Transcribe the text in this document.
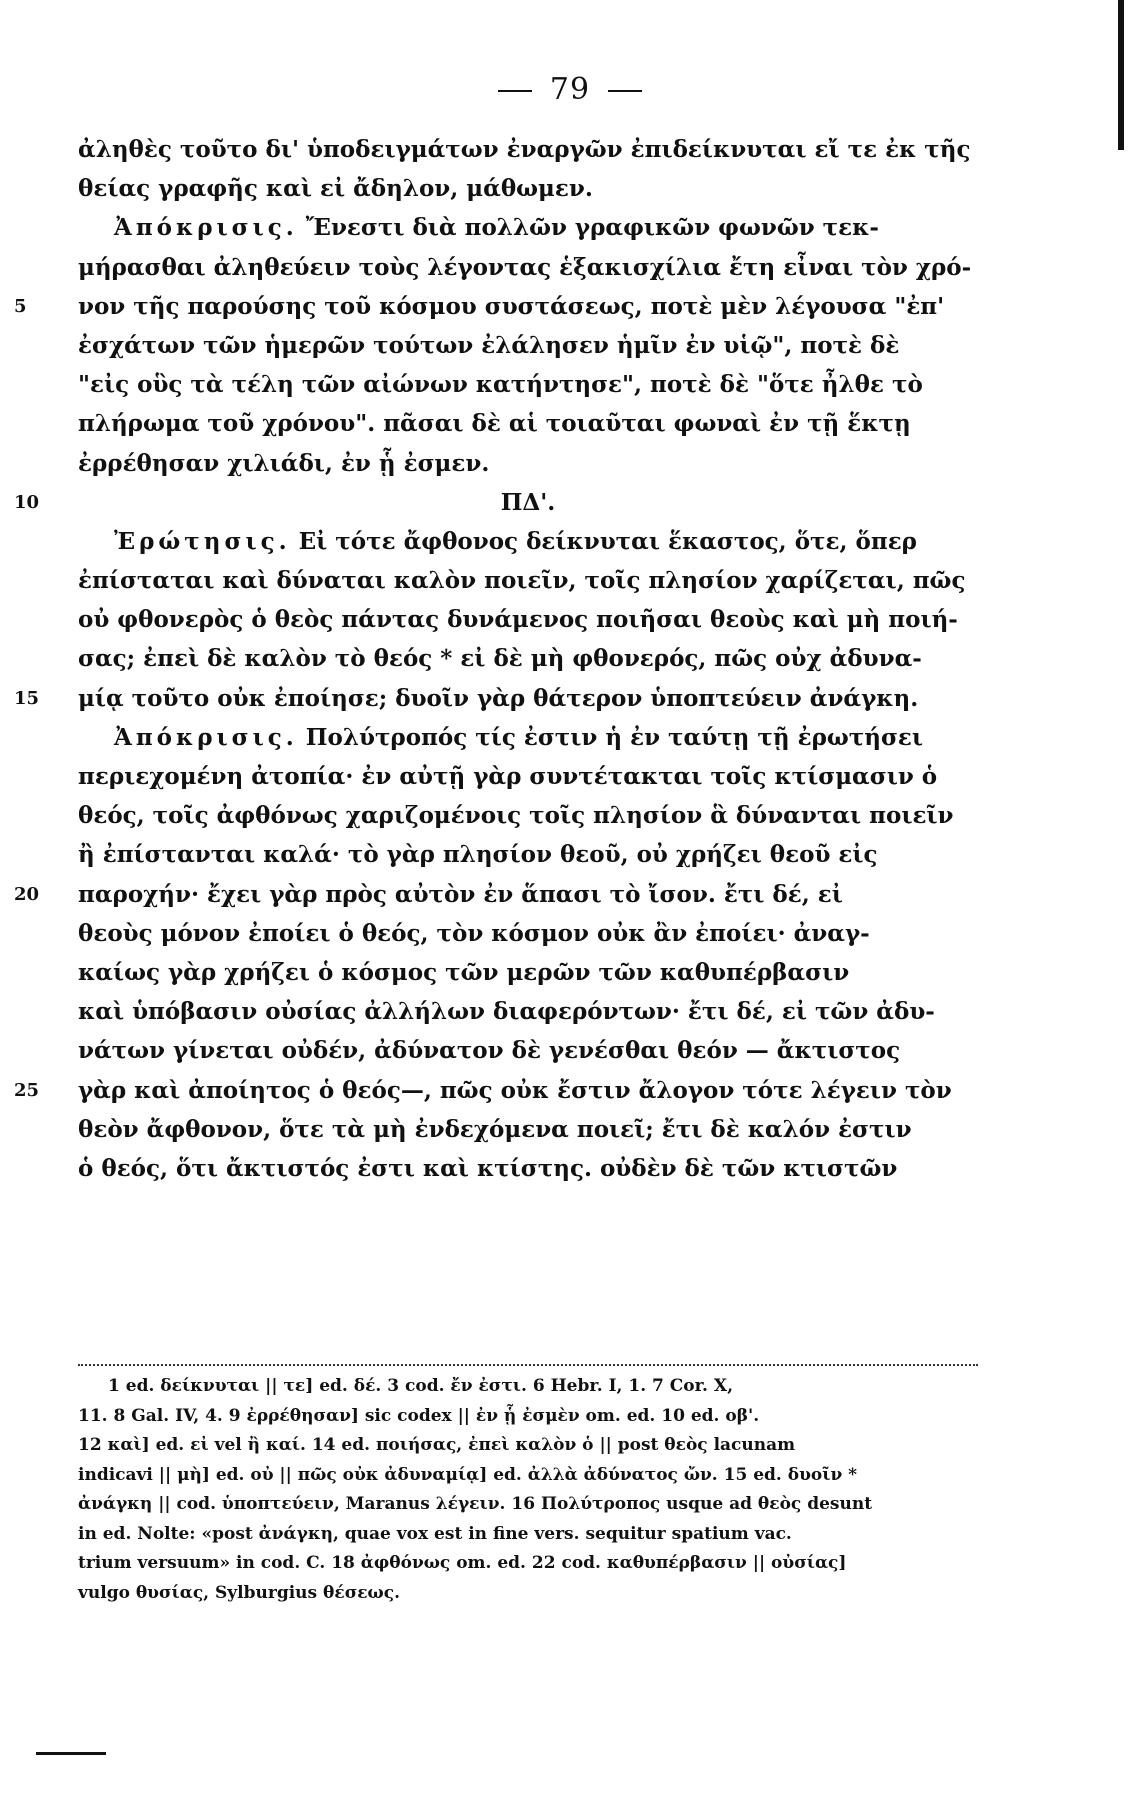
79
ἀληθὲς τοῦτο δι' ὑποδειγμάτων ἐναργῶν ἐπιδείκνυται εἴ τε ἐκ τῆς
θείας γραφῆς καὶ εἰ ἄδηλον, μάθωμεν.
Ἀπόκρισις. Ἔνεστι διὰ πολλῶν γραφικῶν φωνῶν τεκ-
μήρασθαι ἀληθεύειν τοὺς λέγοντας ἑξακισχίλια ἔτη εἶναι τὸν χρό-
5	νον τῆς παρούσης τοῦ κόσμου συστάσεως, ποτὲ μὲν λέγουσα "ἐπ'
ἐσχάτων τῶν ἡμερῶν τούτων ἐλάλησεν ἡμῖν ἐν υἱῷ", ποτὲ δὲ
"εἰς οὓς τὰ τέλη τῶν αἰώνων κατήντησε", ποτὲ δὲ "ὅτε ἦλθε τὸ
πλήρωμα τοῦ χρόνου". πᾶσαι δὲ αἱ τοιαῦται φωναὶ ἐν τῇ ἕκτῃ
ἐρρέθησαν χιλιάδι, ἐν ᾗ ἐσμεν.
10	ΠΔ'.
Ἐρώτησις. Εἰ τότε ἄφθονος δείκνυται ἕκαστος, ὅτε, ὅπερ
ἐπίσταται καὶ δύναται καλὸν ποιεῖν, τοῖς πλησίον χαρίζεται, πῶς
οὐ φθονερὸς ὁ θεὸς πάντας δυνάμενος ποιῆσαι θεοὺς καὶ μὴ ποιή-
σας; ἐπεὶ δὲ καλὸν τὸ θεός * εἰ δὲ μὴ φθονερός, πῶς οὐχ ἀδυνα-
15	μίᾳ τοῦτο οὐκ ἐποίησε; δυοῖν γὰρ θάτερον ὑποπτεύειν ἀνάγκη.
Ἀπόκρισις. Πολύτροπός τίς ἐστιν ἡ ἐν ταύτῃ τῇ ἐρωτήσει
περιεχομένη ἀτοπία· ἐν αὐτῇ γὰρ συντέτακται τοῖς κτίσμασιν ὁ
θεός, τοῖς ἀφθόνως χαριζομένοις τοῖς πλησίον ἃ δύνανται ποιεῖν
ἢ ἐπίστανται καλά· τὸ γὰρ πλησίον θεοῦ, οὐ χρήζει θεοῦ εἰς
20	παροχήν· ἔχει γὰρ πρὸς αὐτὸν ἐν ἅπασι τὸ ἴσον. ἔτι δέ, εἰ
θεοὺς μόνον ἐποίει ὁ θεός, τὸν κόσμον οὐκ ἂν ἐποίει· ἀναγ-
καίως γὰρ χρήζει ὁ κόσμος τῶν μερῶν τῶν καθυπέρβασιν
καὶ ὑπόβασιν οὐσίας ἀλλήλων διαφερόντων· ἔτι δέ, εἰ τῶν ἀδυ-
νάτων γίνεται οὐδέν, ἀδύνατον δὲ γενέσθαι θεόν — ἄκτιστος
25	γὰρ καὶ ἀποίητος ὁ θεός—, πῶς οὐκ ἔστιν ἄλογον τότε λέγειν τὸν
θεὸν ἄφθονον, ὅτε τὰ μὴ ἐνδεχόμενα ποιεῖ; ἔτι δὲ καλόν ἐστιν
ὁ θεός, ὅτι ἄκτιστός ἐστι καὶ κτίστης. οὐδὲν δὲ τῶν κτιστῶν
1 ed. δείκνυται || τε] ed. δέ. 3 cod. ἔν ἐστι. 6 Hebr. I, 1. 7 Cor. X,
11. 8 Gal. IV, 4. 9 ἐρρέθησαν] sic codex || ἐν ᾗ ἐσμὲν om. ed. 10 ed. οβ'.
12 καὶ] ed. εἰ vel ἢ καί. 14 ed. ποιήσας, ἐπεὶ καλὸν ὁ || post θεὸς lacunam
indicavi || μὴ] ed. οὐ || πῶς οὐκ ἀδυναμίᾳ] ed. ἀλλὰ ἀδύνατος ὤν. 15 ed. δυοῖν *
ἀνάγκη || cod. ὑποπτεύειν, Maranus λέγειν. 16 Πολύτροπος usque ad θεὸς desunt
in ed. Nolte: «post ἀνάγκη, quae vox est in fine vers. sequitur spatium vac.
trium versuum» in cod. C. 18 ἀφθόνως om. ed. 22 cod. καθυπέρβασιν || οὐσίας]
vulgo θυσίας, Sylburgius θέσεως.
